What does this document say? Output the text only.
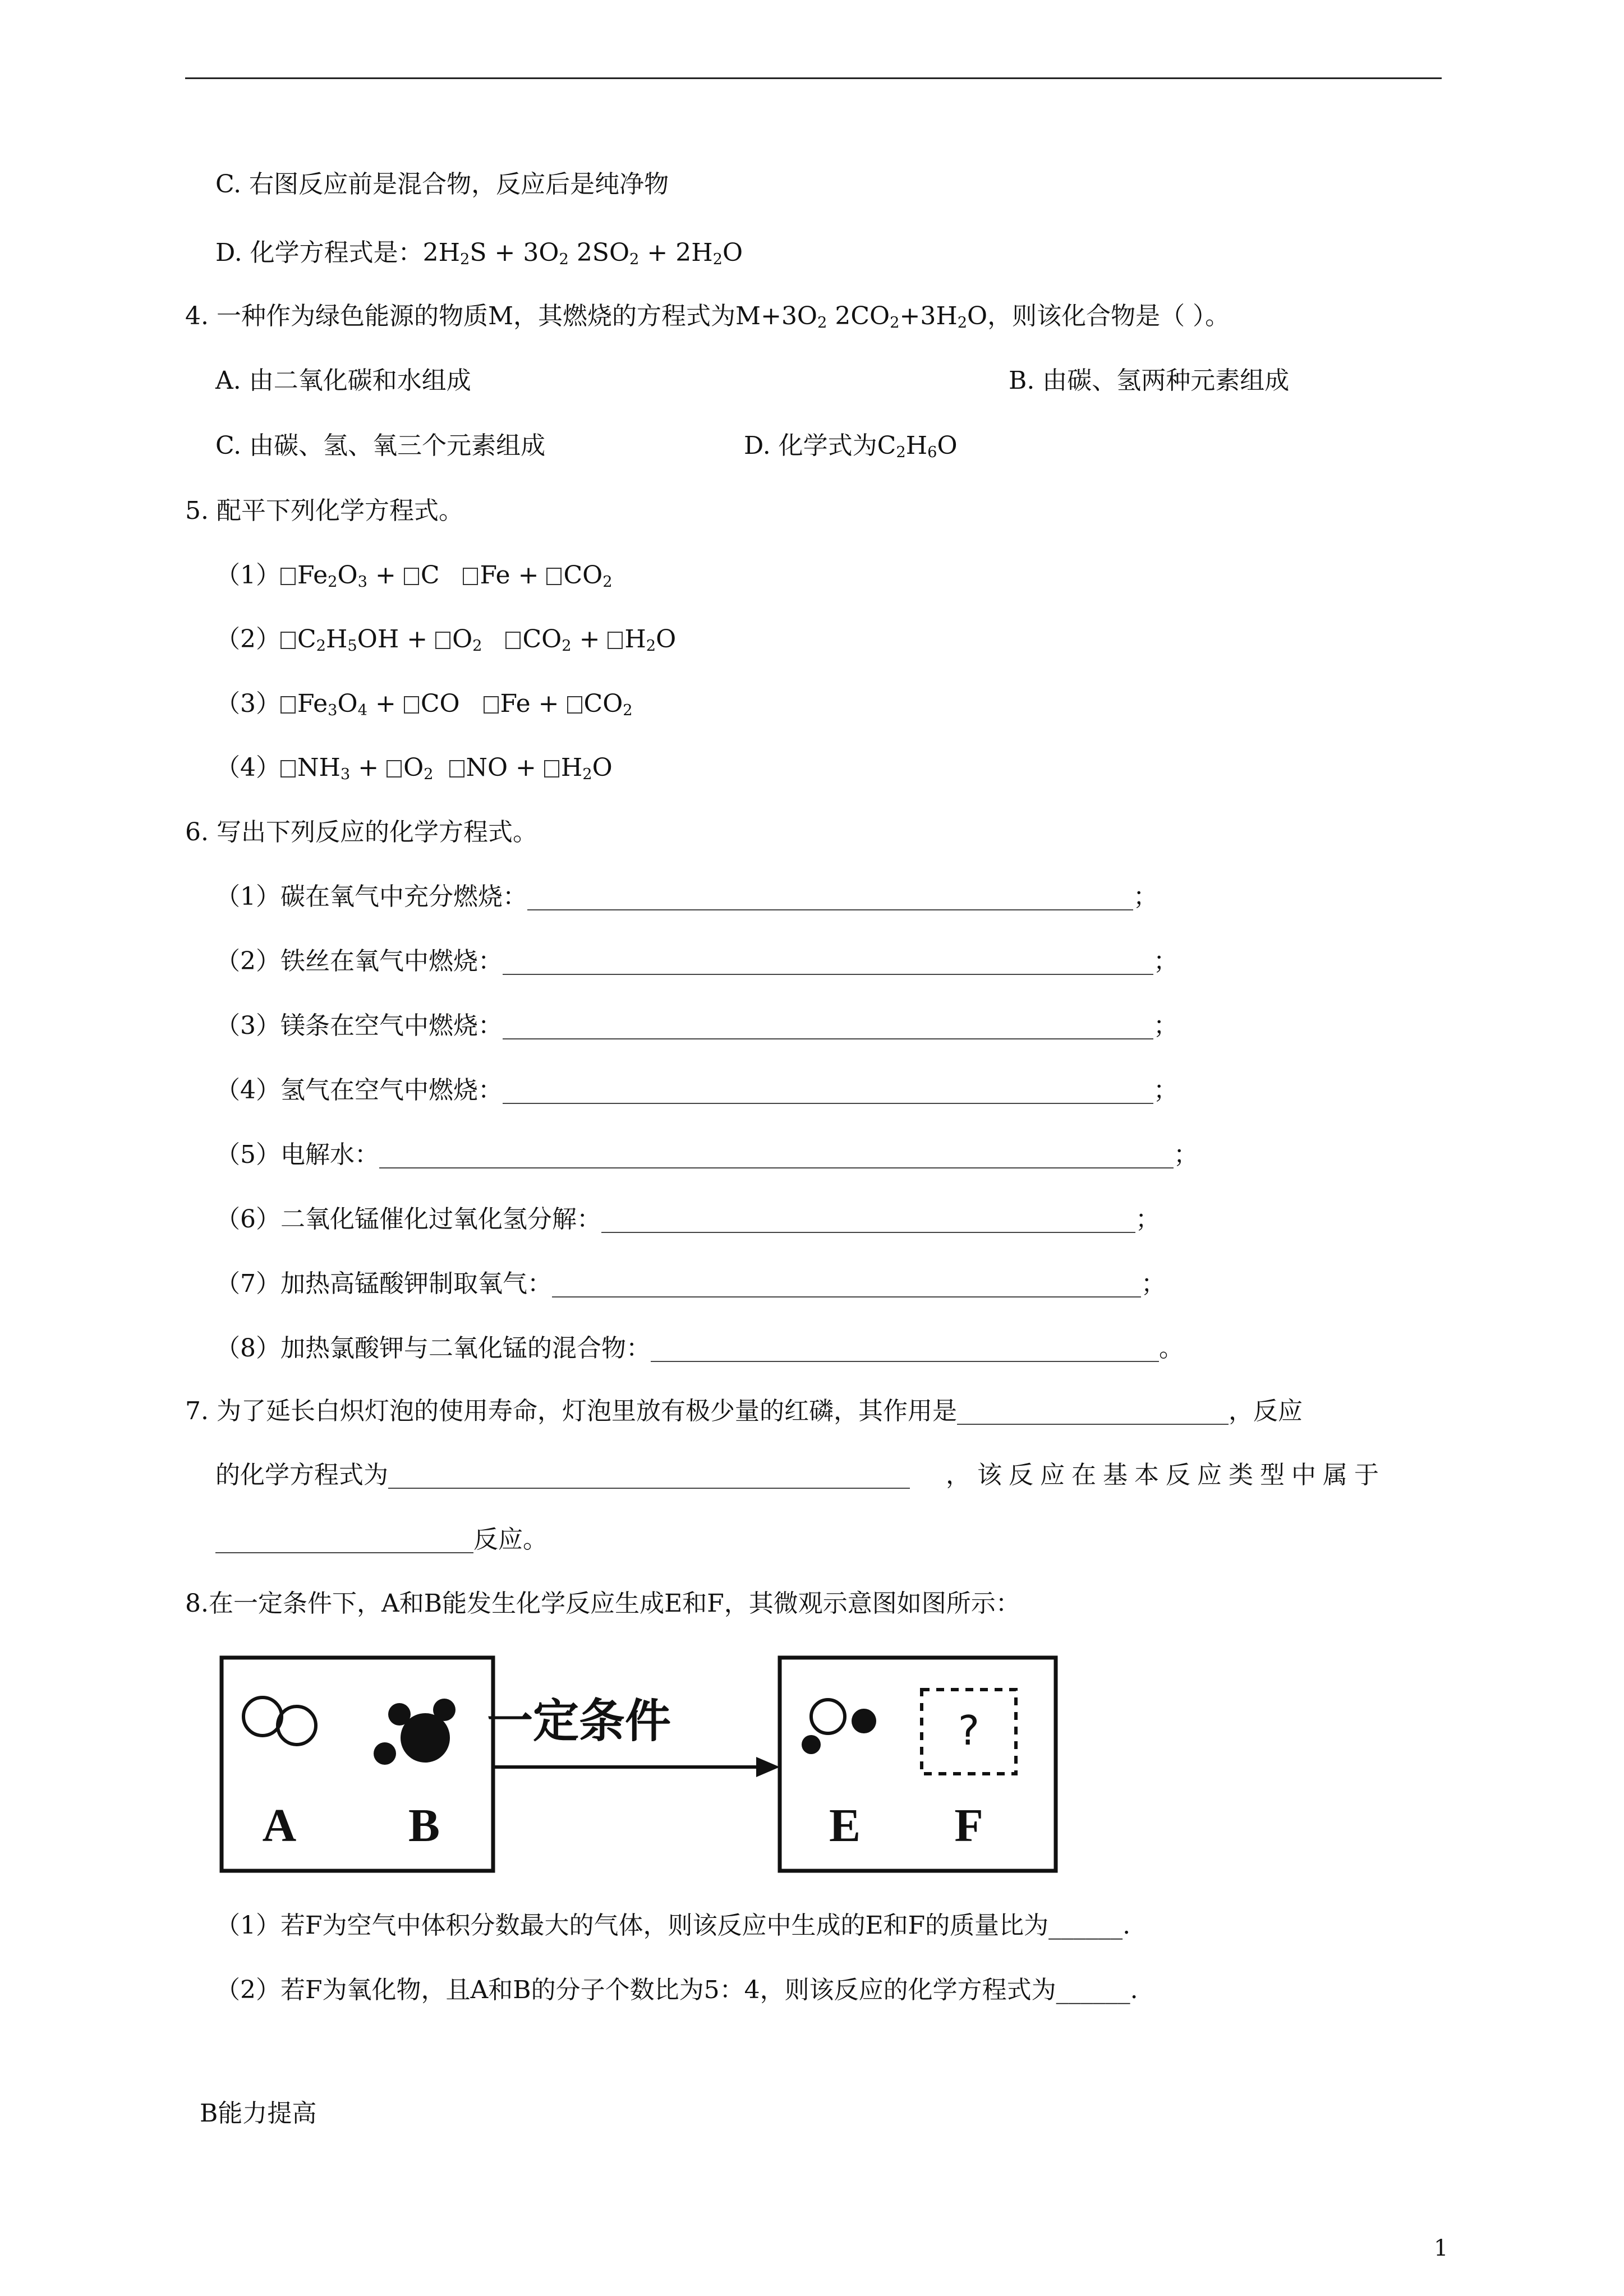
C. 右图反应前是混合物，反应后是纯净物
D. 化学方程式是：$2H_2S + 3O_2$ $2SO_2 + 2H_2O$
4. 一种作为绿色能源的物质M，其燃烧的方程式为$M+3O_2$ $2CO_2+3H_2O$，则该化合物是（ ）。
A. 由二氧化碳和水组成	B. 由碳、氢两种元素组成
C. 由碳、氢、氧三个元素组成	D. 化学式为$C_2H_6O$
5. 配平下列化学方程式。
（1） $Fe_2O_3 + C$   $Fe + CO_2$
（2） $C_2H_5OH + O_2$ $CO_2 + H_2O$
（3） $Fe_3O_4$ + CO   $Fe + CO_2$
（4） $NH_3 + O_2$ NO + $H_2O$
6. 写出下列反应的化学方程式。
（1）碳在氧气中充分燃烧：	；
（2）铁丝在氧气中燃烧：	；
（3）镁条在空气中燃烧：	；
（4）氢气在空气中燃烧：	；
（5）电解水：	；
（6）二氧化锰催化过氧化氢分解：	；
（7）加热高锰酸钾制取氧气：	；
（8）加热氯酸钾与二氧化锰的混合物：	。
7. 为了延长白炽灯泡的使用寿命，灯泡里放有极少量的红磷，其作用是	，反应
的化学方程式为	，该反应在基本反应类型中属于
反应。
8.在一定条件下，A和B能发生化学反应生成E和F，其微观示意图如图所示：
A B
一定条件	?
E F
（1）若F为空气中体积分数最大的气体，则该反应中生成的E和F的质量比为______.
（2）若F为氧化物，且A和B的分子个数比为5：4，则该反应的化学方程式为______.
B能力提高
1
